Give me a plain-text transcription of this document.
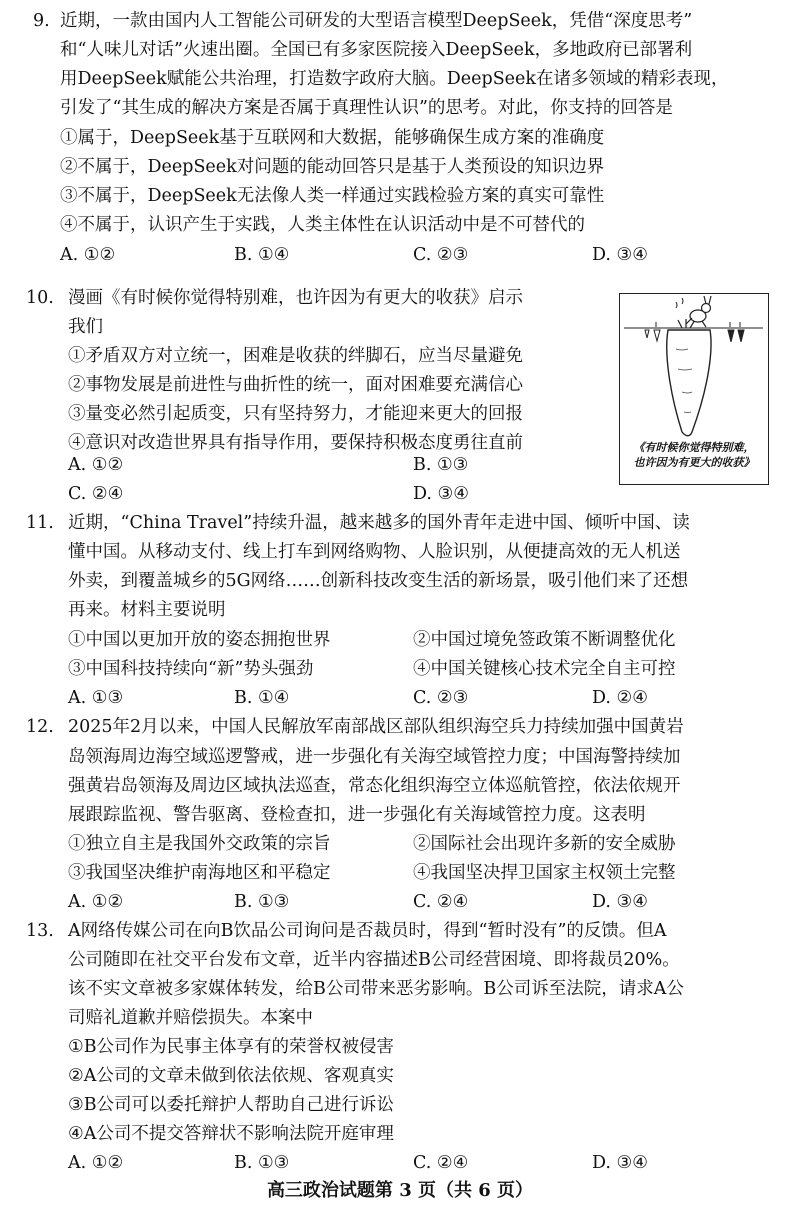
9. 近期，一款由国内人工智能公司研发的大型语言模型DeepSeek，凭借“深度思考”
和“人味儿对话”火速出圈。全国已有多家医院接入DeepSeek，多地政府已部署利
用DeepSeek赋能公共治理，打造数字政府大脑。DeepSeek在诸多领域的精彩表现，
引发了“其生成的解决方案是否属于真理性认识”的思考。对此，你支持的回答是
①属于，DeepSeek基于互联网和大数据，能够确保生成方案的准确度
②不属于，DeepSeek对问题的能动回答只是基于人类预设的知识边界
③不属于，DeepSeek无法像人类一样通过实践检验方案的真实可靠性
④不属于，认识产生于实践，人类主体性在认识活动中是不可替代的
A. ①②	B. ①④	C. ②③	D. ③④
10. 漫画《有时候你觉得特别难，也许因为有更大的收获》启示
我们
①矛盾双方对立统一，困难是收获的绊脚石，应当尽量避免
②事物发展是前进性与曲折性的统一，面对困难要充满信心
③量变必然引起质变，只有坚持努力，才能迎来更大的回报
④意识对改造世界具有指导作用，要保持积极态度勇往直前
A. ①②	B. ①③
C. ②④	D. ③④
《有时候你觉得特别难，
也许因为有更大的收获》
11. 近期，“China Travel”持续升温，越来越多的国外青年走进中国、倾听中国、读
懂中国。从移动支付、线上打车到网络购物、人脸识别，从便捷高效的无人机送
外卖，到覆盖城乡的5G网络……创新科技改变生活的新场景，吸引他们来了还想
再来。材料主要说明
①中国以更加开放的姿态拥抱世界	②中国过境免签政策不断调整优化
③中国科技持续向“新”势头强劲	④中国关键核心技术完全自主可控
A. ①③	B. ①④	C. ②③	D. ②④
12. 2025年2月以来，中国人民解放军南部战区部队组织海空兵力持续加强中国黄岩
岛领海周边海空域巡逻警戒，进一步强化有关海空域管控力度；中国海警持续加
强黄岩岛领海及周边区域执法巡查，常态化组织海空立体巡航管控，依法依规开
展跟踪监视、警告驱离、登检查扣，进一步强化有关海域管控力度。这表明
①独立自主是我国外交政策的宗旨	②国际社会出现许多新的安全威胁
③我国坚决维护南海地区和平稳定	④我国坚决捍卫国家主权领土完整
A. ①②	B. ①③	C. ②④	D. ③④
13. A网络传媒公司在向B饮品公司询问是否裁员时，得到“暂时没有”的反馈。但A
公司随即在社交平台发布文章，近半内容描述B公司经营困境、即将裁员20%。
该不实文章被多家媒体转发，给B公司带来恶劣影响。B公司诉至法院，请求A公
司赔礼道歉并赔偿损失。本案中
①B公司作为民事主体享有的荣誉权被侵害
②A公司的文章未做到依法依规、客观真实
③B公司可以委托辩护人帮助自己进行诉讼
④A公司不提交答辩状不影响法院开庭审理
A. ①②	B. ①③	C. ②④	D. ③④
高三政治试题第 3 页（共 6 页）
